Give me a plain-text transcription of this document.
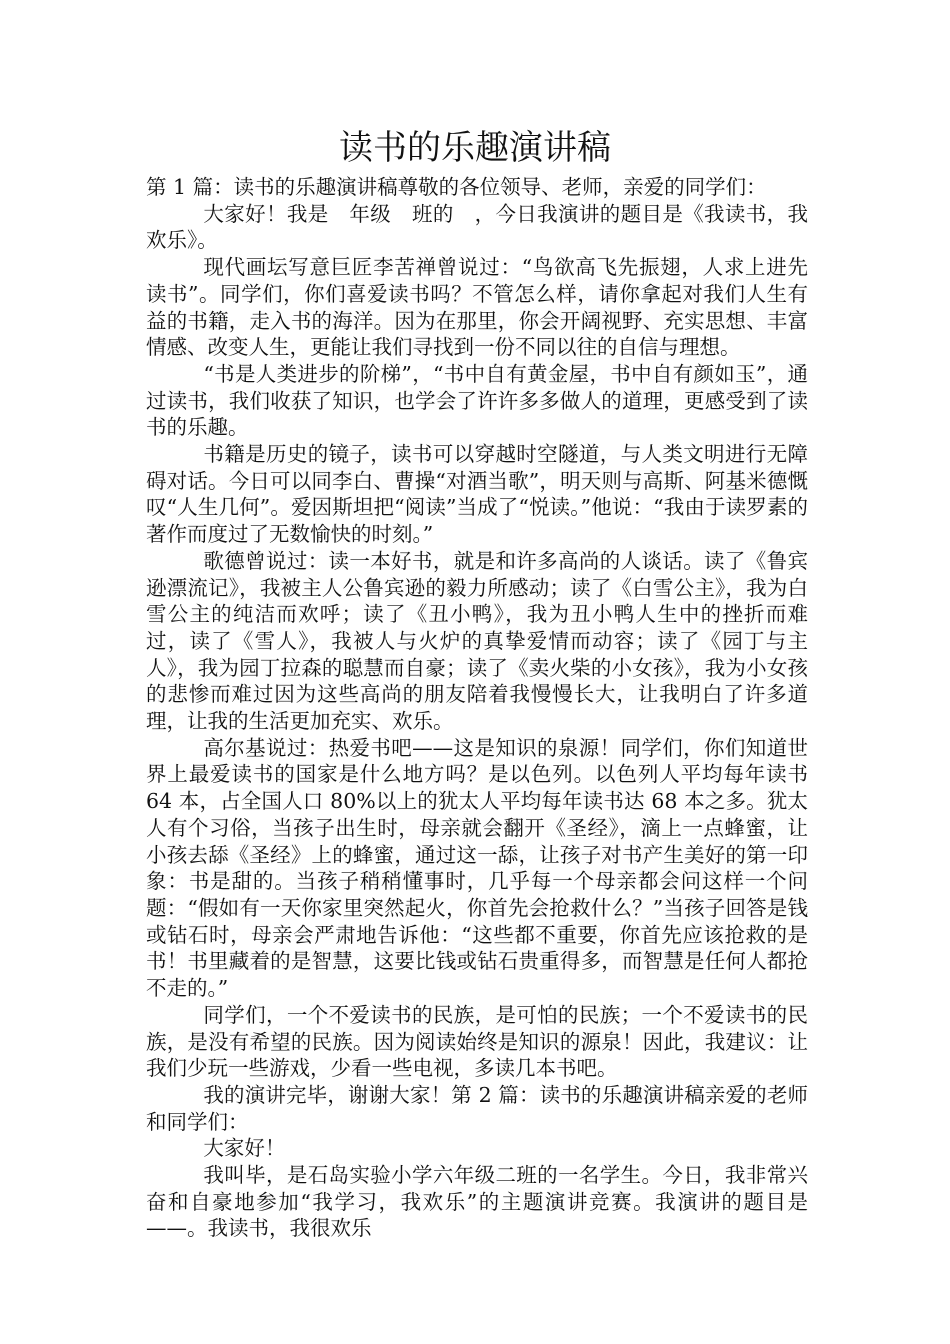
读书的乐趣演讲稿

第 1 篇：读书的乐趣演讲稿尊敬的各位领导、老师，亲爱的同学们：

大家好！我是　年级　班的　，今日我演讲的题目是《我读书，我欢乐》。

现代画坛写意巨匠李苦禅曾说过：“鸟欲高飞先振翅，人求上进先读书”。同学们，你们喜爱读书吗？不管怎么样，请你拿起对我们人生有益的书籍，走入书的海洋。因为在那里，你会开阔视野、充实思想、丰富情感、改变人生，更能让我们寻找到一份不同以往的自信与理想。

“书是人类进步的阶梯”，“书中自有黄金屋，书中自有颜如玉”，通过读书，我们收获了知识，也学会了许许多多做人的道理，更感受到了读书的乐趣。

书籍是历史的镜子，读书可以穿越时空隧道，与人类文明进行无障碍对话。今日可以同李白、曹操“对酒当歌”，明天则与高斯、阿基米德慨叹“人生几何”。爱因斯坦把“阅读”当成了“悦读。”他说：“我由于读罗素的著作而度过了无数愉快的时刻。”

歌德曾说过：读一本好书，就是和许多高尚的人谈话。读了《鲁宾逊漂流记》，我被主人公鲁宾逊的毅力所感动；读了《白雪公主》，我为白雪公主的纯洁而欢呼；读了《丑小鸭》，我为丑小鸭人生中的挫折而难过，读了《雪人》，我被人与火炉的真挚爱情而动容；读了《园丁与主人》，我为园丁拉森的聪慧而自豪；读了《卖火柴的小女孩》，我为小女孩的悲惨而难过因为这些高尚的朋友陪着我慢慢长大，让我明白了许多道理，让我的生活更加充实、欢乐。

高尔基说过：热爱书吧——这是知识的泉源！同学们，你们知道世界上最爱读书的国家是什么地方吗？是以色列。以色列人平均每年读书 64 本，占全国人口 80%以上的犹太人平均每年读书达 68 本之多。犹太人有个习俗，当孩子出生时，母亲就会翻开《圣经》，滴上一点蜂蜜，让小孩去舔《圣经》上的蜂蜜，通过这一舔，让孩子对书产生美好的第一印象：书是甜的。当孩子稍稍懂事时，几乎每一个母亲都会问这样一个问题：“假如有一天你家里突然起火，你首先会抢救什么？”当孩子回答是钱或钻石时，母亲会严肃地告诉他：“这些都不重要，你首先应该抢救的是书！书里藏着的是智慧，这要比钱或钻石贵重得多，而智慧是任何人都抢不走的。”

同学们，一个不爱读书的民族，是可怕的民族；一个不爱读书的民族，是没有希望的民族。因为阅读始终是知识的源泉！因此，我建议：让我们少玩一些游戏，少看一些电视，多读几本书吧。

我的演讲完毕，谢谢大家！第 2 篇：读书的乐趣演讲稿亲爱的老师和同学们：

大家好！

我叫毕，是石岛实验小学六年级二班的一名学生。今日，我非常兴奋和自豪地参加“我学习，我欢乐”的主题演讲竞赛。我演讲的题目是——。我读书，我很欢乐
